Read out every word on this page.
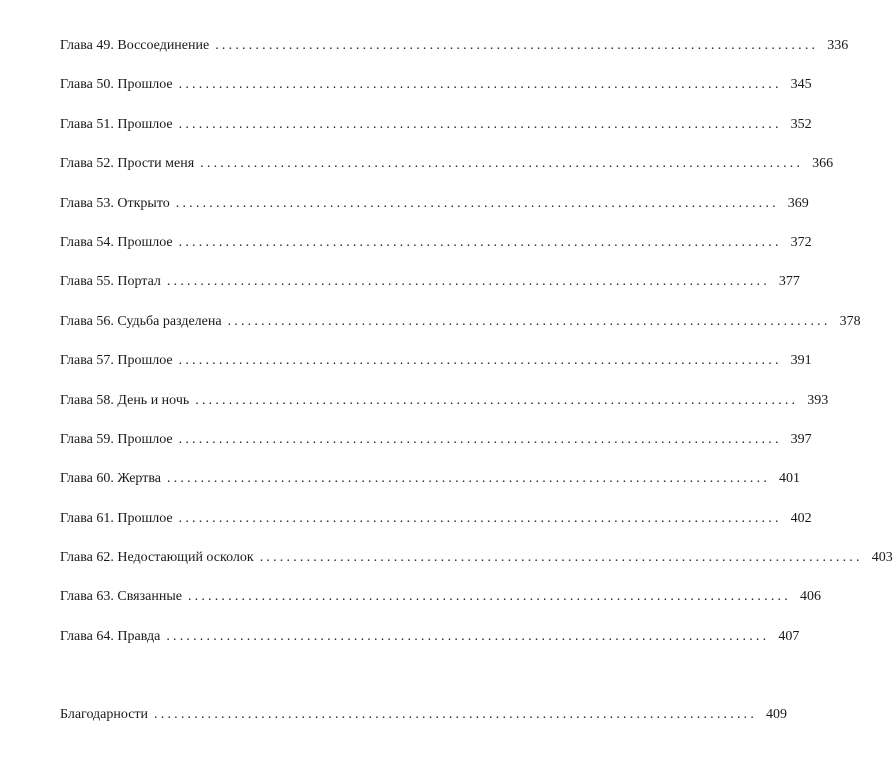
Глава 49. Воссоединение .......................................................................................... 336
Глава 50. Прошлое .......................................................................................... 345
Глава 51. Прошлое .......................................................................................... 352
Глава 52. Прости меня .......................................................................................... 366
Глава 53. Открыто .......................................................................................... 369
Глава 54. Прошлое .......................................................................................... 372
Глава 55. Портал .......................................................................................... 377
Глава 56. Судьба разделена .......................................................................................... 378
Глава 57. Прошлое .......................................................................................... 391
Глава 58. День и ночь .......................................................................................... 393
Глава 59. Прошлое .......................................................................................... 397
Глава 60. Жертва .......................................................................................... 401
Глава 61. Прошлое .......................................................................................... 402
Глава 62. Недостающий осколок .......................................................................................... 403
Глава 63. Связанные .......................................................................................... 406
Глава 64. Правда .......................................................................................... 407
Благодарности .......................................................................................... 409
